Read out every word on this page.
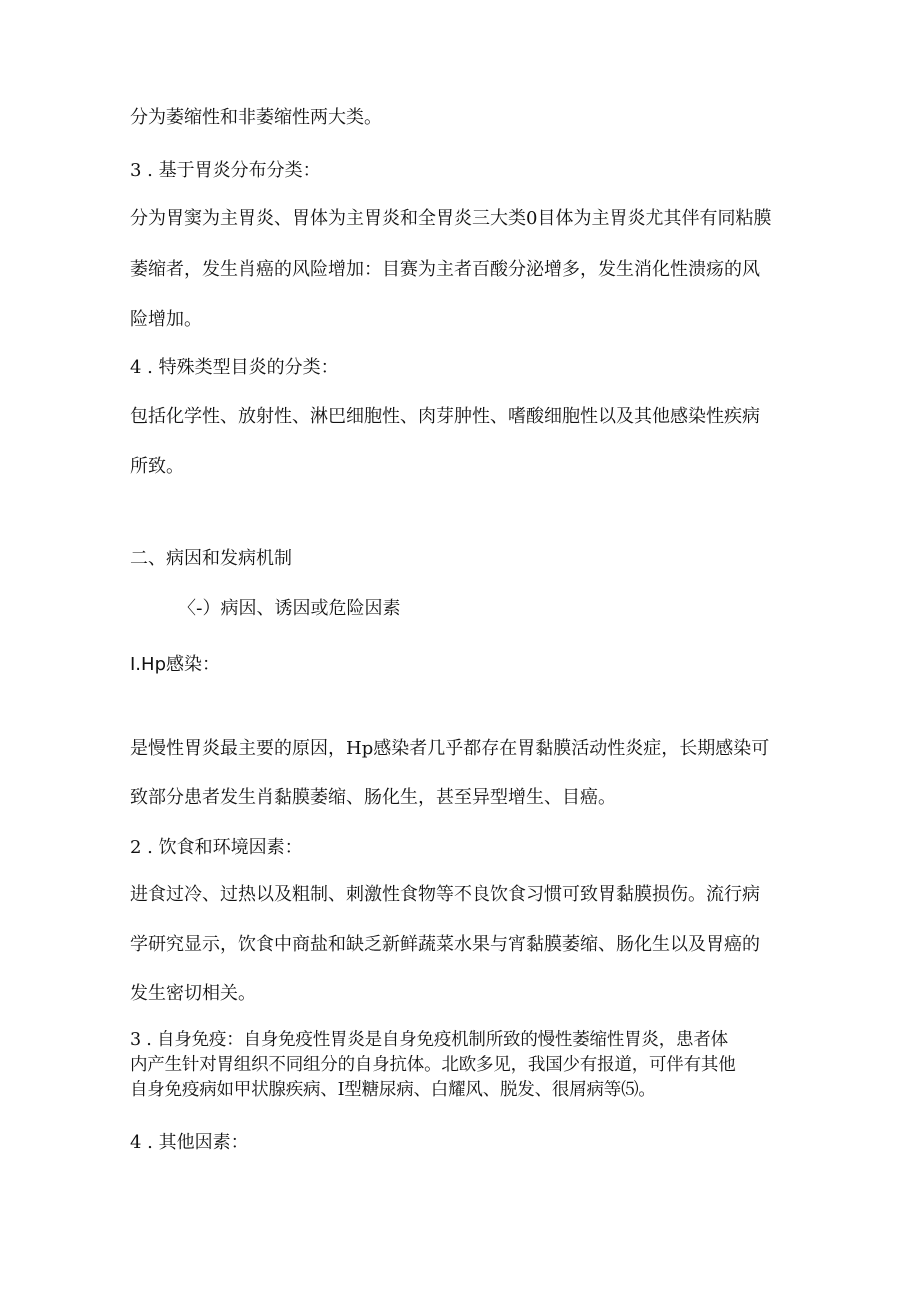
分为萎缩性和非萎缩性两大类。

3 . 基于胃炎分布分类：

分为胃窦为主胃炎、胃体为主胃炎和全胃炎三大类0目体为主胃炎尤其伴有同粘膜

萎缩者，发生肖癌的风险增加：目赛为主者百酸分泌增多，发生消化性溃疡的风

险增加。

4 . 特殊类型目炎的分类：

包括化学性、放射性、淋巴细胞性、肉芽肿性、嗜酸细胞性以及其他感染性疾病

所致。

二、病因和发病机制

〈-）病因、诱因或危险因素

I.Hp感染：

是慢性胃炎最主要的原因，Hp感染者几乎都存在胃黏膜活动性炎症，长期感染可

致部分患者发生肖黏膜萎缩、肠化生，甚至异型增生、目癌。

2 . 饮食和环境因素：

进食过冷、过热以及粗制、刺激性食物等不良饮食习惯可致胃黏膜损伤。流行病

学研究显示，饮食中商盐和缺乏新鲜蔬菜水果与宵黏膜萎缩、肠化生以及胃癌的

发生密切相关。

3 . 自身免疫：自身免疫性胃炎是自身免疫机制所致的慢性萎缩性胃炎，患者体

内产生针对胃组织不同组分的自身抗体。北欧多见，我国少有报道，可伴有其他

自身免疫病如甲状腺疾病、I型糖尿病、白耀风、脱发、很屑病等⑸。

4 . 其他因素：
